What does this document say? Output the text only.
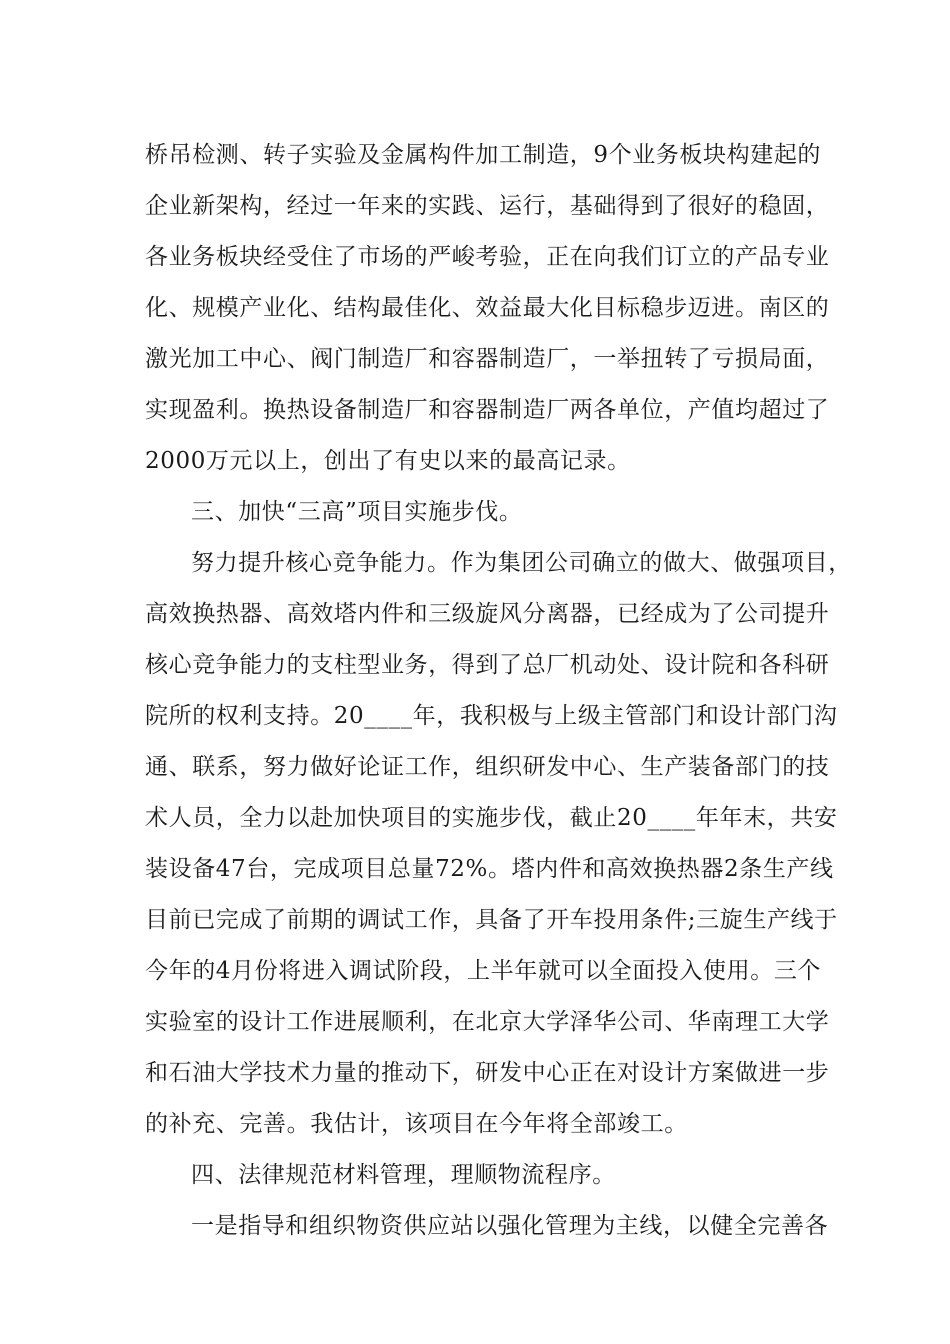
桥吊检测、转子实验及金属构件加工制造，9个业务板块构建起的
企业新架构，经过一年来的实践、运行，基础得到了很好的稳固，
各业务板块经受住了市场的严峻考验，正在向我们订立的产品专业
化、规模产业化、结构最佳化、效益最大化目标稳步迈进。南区的
激光加工中心、阀门制造厂和容器制造厂，一举扭转了亏损局面，
实现盈利。换热设备制造厂和容器制造厂两各单位，产值均超过了
2000万元以上，创出了有史以来的最高记录。
三、加快“三高”项目实施步伐。
努力提升核心竞争能力。作为集团公司确立的做大、做强项目，
高效换热器、高效塔内件和三级旋风分离器，已经成为了公司提升
核心竞争能力的支柱型业务，得到了总厂机动处、设计院和各科研
院所的权利支持。20____年，我积极与上级主管部门和设计部门沟
通、联系，努力做好论证工作，组织研发中心、生产装备部门的技
术人员，全力以赴加快项目的实施步伐，截止20____年年末，共安
装设备47台，完成项目总量72%。塔内件和高效换热器2条生产线
目前已完成了前期的调试工作，具备了开车投用条件;三旋生产线于
今年的4月份将进入调试阶段，上半年就可以全面投入使用。三个
实验室的设计工作进展顺利，在北京大学泽华公司、华南理工大学
和石油大学技术力量的推动下，研发中心正在对设计方案做进一步
的补充、完善。我估计，该项目在今年将全部竣工。
四、法律规范材料管理，理顺物流程序。
一是指导和组织物资供应站以强化管理为主线，以健全完善各
